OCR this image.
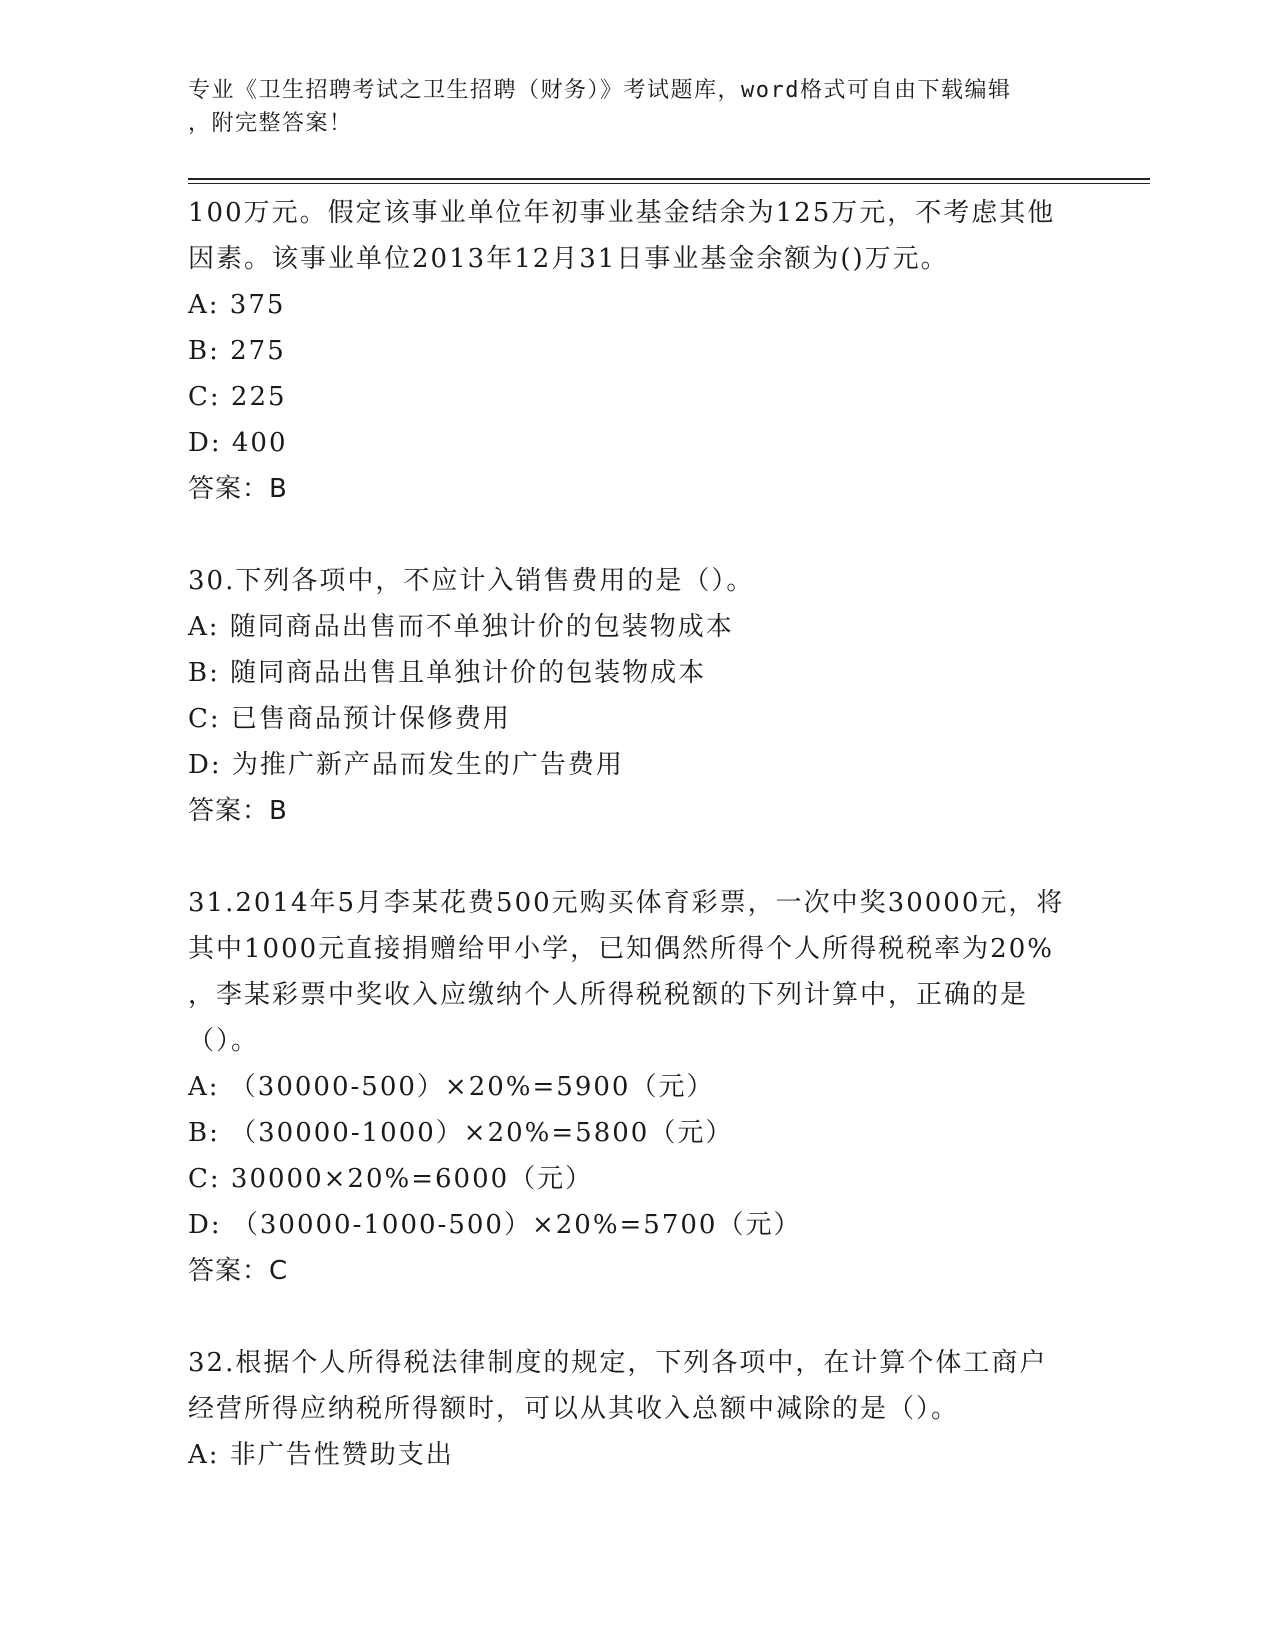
专业《卫生招聘考试之卫生招聘（财务）》考试题库，word格式可自由下载编辑
，附完整答案！
100万元。假定该事业单位年初事业基金结余为125万元，不考虑其他
因素。该事业单位2013年12月31日事业基金余额为()万元。
A: 375
B: 275
C: 225
D: 400
答案：B
30.下列各项中，不应计入销售费用的是（）。
A: 随同商品出售而不单独计价的包装物成本
B: 随同商品出售且单独计价的包装物成本
C: 已售商品预计保修费用
D: 为推广新产品而发生的广告费用
答案：B
31.2014年5月李某花费500元购买体育彩票，一次中奖30000元，将
其中1000元直接捐赠给甲小学，已知偶然所得个人所得税税率为20%
，李某彩票中奖收入应缴纳个人所得税税额的下列计算中，正确的是
（）。
A: （30000-500）×20%=5900（元）
B: （30000-1000）×20%=5800（元）
C: 30000×20%=6000（元）
D: （30000-1000-500）×20%=5700（元）
答案：C
32.根据个人所得税法律制度的规定，下列各项中，在计算个体工商户
经营所得应纳税所得额时，可以从其收入总额中减除的是（）。
A: 非广告性赞助支出
